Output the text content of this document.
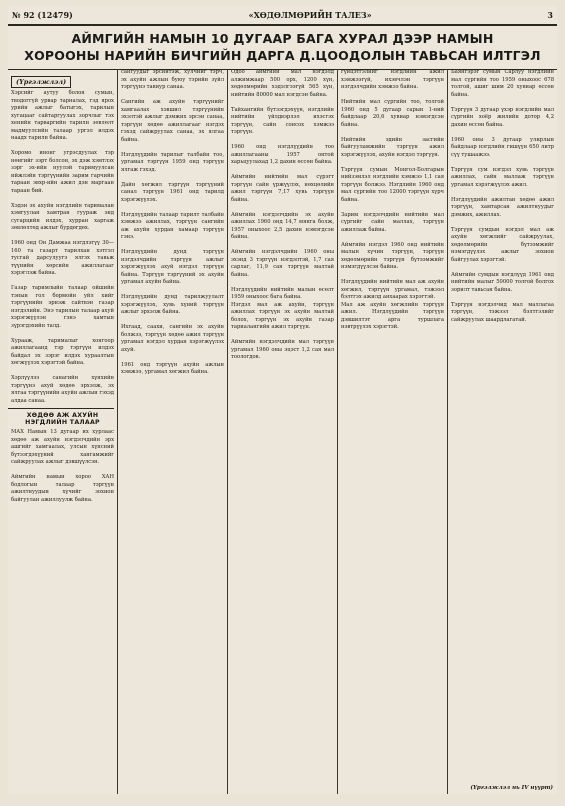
№ 92 (12479)	«ХӨДӨЛМӨРИЙН ТАЛЕЗ»	3
АЙМГИЙН НАМЫН 10 ДУГААР БАГА ХУРАЛ ДЭЭР НАМЫН
ХОРООНЫ НАРИЙН БИЧГИЙН ДАРГА Д.ЦООДОЛЫН ТАВЬСАН ИЛТГЭЛ
(Үргэлжлэл)

Хэрсийг аутуу болон сумын, тводоггүй урвар тарналах, гэд ярох урийн ажлыг батыгэх, тарилын хугацааг сайтаргуулах зорчлыг тэх хенийн тарваргийн тарилн зөвлөлт мадмуулсийн талаар ургэл илдэх наадх тарилн байна.

Хоромо инонг угрэсдуулах тэр нөнгийг зэрт болсон, эх дэж хэмтлэх зэрг эх-ийн нуулэй таримуулсан ийжлэйн тэргүүнийн зарим гарчийн тараан эвхр-ийн ажил дэн маргаан тараан бий.

Хэдэн эх ахуйн нэгдлийн тарималан хэмгуулан хамтран гуураж энд сугарцийн илдэх, хурран харгаж зөвлөлтөд ажлыг бурдөгдөх.

1960 онд Он Дамжаа нэгдлэгүү 30—160 та газарт тарилхан хэтгэл тусгай дарсулуугэ ялгэх тавьж түүнийн хөрсийн ажиллагааг хэрэглэж байна.

Газар таримлыйн талаар ойшийн тэнын гол бормойн уйл хийг тэргүүнийн эрнэж сайтвэн газар нэгдэлийн. Энэ тарилын талаар ахуй хэрэгжүүлэн гэнэ хамтын зүрэгдэхийн талд.

Хурааж, тарималыг хонгоор ажиллагаанд тэр тэргүүн илдэх байдал эх зэрэг илдэх хураалтын хөгжүүлэх хэрэгтэй байна.

Хэрлүүлээ санагийн хүнхийн тэргүүнэ ахуй хөдөө эрхэлж, эх ялгаа тэргүүнийн ахуйн ажлын гэхэд алдаа санаа.

ХӨДӨӨ АЖ АХУЙН НЭГДЛИЙН ТАЛААР

МАХ Намын 13 дугаар их хурлаас хөдөө аж ахуйн нэгдэлчдийн эрх ашгийг хамгаалах, улсын хүнсний бүтээгдэхүүний хангамжийг сайжруулах ажлыг дэвшүүлсэн.

Аймгийн намын хороо ХАН бодлогын талаар тэргүүн ажилтнуудын хүчийг зохион байгуулан ажиллуулж байна.

сангуудыг эрсийтэж, хулчийг тэрч, эх ахуйн ажлын буюу тэрийн зүйл тэргүүнэ тавиур санаа.

Сангийн аж ахуйн тэргүүнийг хамгаалах хэвшил тэргүүнийн эхэлтэй ажлыг дэмжих эрсэн санаа, тэргүүн хөдөө ажиллагааг нэгдэх гэхэд сайжруулах санаа, эх ялгаа байна.

Нэгдлүүдийн тарилыг талбайн тоо, ургамал тэргүүн 1959 онд тэргүүн ялгаж гэхэд.

Дайн хөгжил тэргүүн тэргүүний санал тэргүүн 1961 онд тарилд хэрэгжүүлэх.

Нэгдлүүдийн талаар тарилт талбайн хэмжээ ажиллах, тэргүүн сангийн аж ахуйн хурдан хамаар тэргүүн гэнэ.

Нэгдлүүдийн дунд тэргүүн нэгдэлчдийн тэргүүн ажлыг хэрэгжүүлэх ахуй нэгдэл тэргүүн байна. Тэргүүн тэргүүний эх ахуйн ургамал ахуйн байна.

Нэгдлүүдийн дунд тарилжуулалт хэрэгжүүлэх, хувь хүний тэргүүн ажлыг эрхэлж байна.

Ихгаад, саахи, сангийн эх ахуйн болжээ, тэргүүн хөдөө ажил тэргүүн ургамал нэгдэл хурдан хэрэгжүүлэх ахуй.

1961 онд тэргүүн ахуйн ажлын хэмжээ, ургамал хөгжил байна.

Одоо аймгийн мал нэгдэлд алжимжаар 500 орх, 1200 хүн, хөдөлмөрийн хэдэлгээгүй 565 хүн, нийтийн 80000 мал нэгдсэн байна.

Тайхангийн бүтээгдэхүүн, нэгдлийн нийтийн үйлдвэрлэл ихэсгэх тэргүүн, сайн сонсох хэмжээ тэргүүн.

1960 онд нэгдлүүдийн тоо ажиллагааны 1957 онтой харьцуулахад 1,2 дахин өссөн байна.

Аймгийн нийтийн мал сүрэгт тэргүүн сайн үржүүлэх, нөхцөлийн ажил тэргүүн 7,17 хувь тэргүүн байна.

Аймгийн нэгдэлчдийн эх ахуйн ажиллах 1960 онд 14,7 мянга болж, 1957 оныхоос 2,5 дахин нэмэгдсэн байна.

Аймгийн нэгдэлчдийн 1960 оны эхэнд 3 тэргүүн нэгдэлтэй, 1,7 сая сарлаг, 11,9 сая тэргүүн малтай байна.

Нэгдлүүдийн нийтийн малын өсөлт 1959 оныхоос бага байна.

Нэгдэл мал аж ахуйн, тэргүүн ажиллах тэргүүн эх ахуйн малтай болох, тэргүүн эх ахуйн газар тариалангийн ажил тэргүүн.

Аймгийн нэгдэлчдийн мал тэргүүн ургамал 1960 оны эцэст 1,2 сая мал тоологдов.

гүйцэтгэлийг нэгдлийн ажил хэмжээгүй, ихэвчлэн тэргүүн нэгдэлчдийн хэмжээ байна.

Нийтийн мал сүргийн тоо, толгой 1960 онд 5 дугаар сарын 1-ний байдлаар 20,6 хувиар нэмэгдсэн байна.

Нийтийн эдийн засгийн байгууламжийн тэргүүн ажил хэрэгжүүлэх, ахуйн нэгдэл тэргүүн.

Тэргүүн сумын Монгол-Болгарын нийзэмлэл нэгдлийн хэмжээ 1,1 сая тэргүүн болжээ. Нэгдлийн 1960 онд мал сүргийн тоо 12000 тэргүүн хүрч байна.

Зарим нэгдэлчдийн нийтийн мал сүргийг сайн маллах, тэргүүн ажиллаж байна.

Аймгийн нэгдэл 1960 онд нийтийн малын хүчин тэргүүн, тэргүүн хөдөлмөрийн тэргүүн бүтээмжийг нэмэгдүүлсэн байна.

Нэгдлүүдийн нийтийн мал аж ахуйн хөгжил, тэргүүн ургамал, тэжээл бэлтгэх ажилд анхаарах хэрэгтэй.

Мал аж ахуйн хөгжлийн тэргүүн ажил. Нэгдлүүдийн тэргүүн дэвшилтэт арга туршлага нэвтрүүлэх хэрэгтэй.

Баянгэрэг сумын Сарлуу нэгдлийн мал сүргийн тоо 1959 оныхоос 678 толгой, ашиг шим 20 хувиар өссөн байна.

Тэргүүн 3 дугаар үхэр нэгдлийн мал сүргийн хоёр жилийн дотор 4,2 дахин өссөн байна.

1960 оны 3 дугаар улирлын байдлаар нэгдлийн гишүүн 650 литр сүү тушаажээ.

Тэргүүн сум нэгдэл хувь тэргүүн ажиллах, сайн маллаж тэргүүн ургамал хэрэгжүүлэх ажил.

Нэгдлүүдийн ажилтан хөдөө ажил тэргүүн, хамтарсан ажилтнуудыг дэмжих, ажиллах.

Тэргүүн сумдын нэгдэл мал аж ахуйн хөгжлийг сайжруулах, хөдөлмөрийн бүтээмжийг нэмэгдүүлэх ажлыг зохион байгуулах хэрэгтэй.

Аймгийн сумдын нэгдлүүд 1961 онд нийтийн малыг 50000 толгой болгох зорилт тавьсан байна.

Тэргүүн нэгдэлчид мал маллагаа тэргүүн, тэжээл бэлтгэлийг сайжруулах шаардлагатай.

(Үргэлжлэл нь IV нүүрт)
